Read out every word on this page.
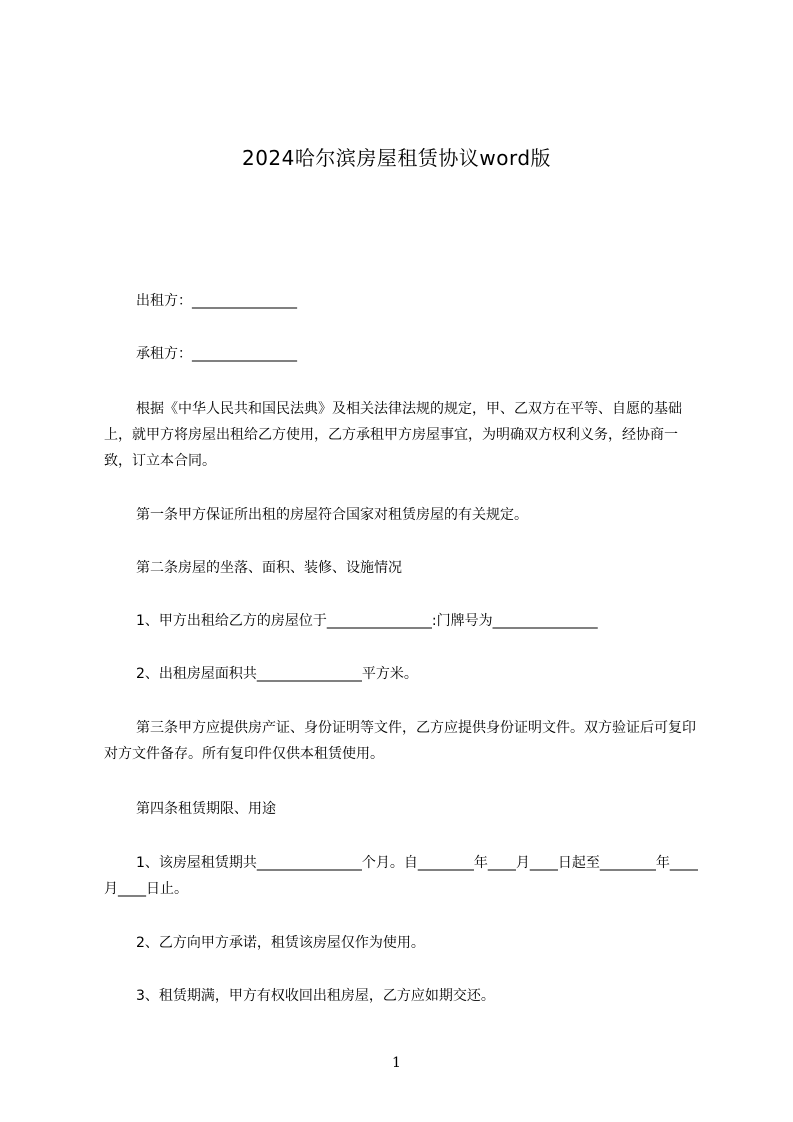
2024哈尔滨房屋租赁协议word版

出租方：_______________

承租方：_______________

根据《中华人民共和国民法典》及相关法律法规的规定，甲、乙双方在平等、自愿的基础上，就甲方将房屋出租给乙方使用，乙方承租甲方房屋事宜，为明确双方权利义务，经协商一致，订立本合同。

第一条甲方保证所出租的房屋符合国家对租赁房屋的有关规定。

第二条房屋的坐落、面积、装修、设施情况

1、甲方出租给乙方的房屋位于_______________:门牌号为_______________

2、出租房屋面积共_______________平方米。

第三条甲方应提供房产证、身份证明等文件，乙方应提供身份证明文件。双方验证后可复印对方文件备存。所有复印件仅供本租赁使用。

第四条租赁期限、用途

1、该房屋租赁期共_______________个月。自________年____月____日起至________年____月____日止。

2、乙方向甲方承诺，租赁该房屋仅作为使用。

3、租赁期满，甲方有权收回出租房屋，乙方应如期交还。

1
